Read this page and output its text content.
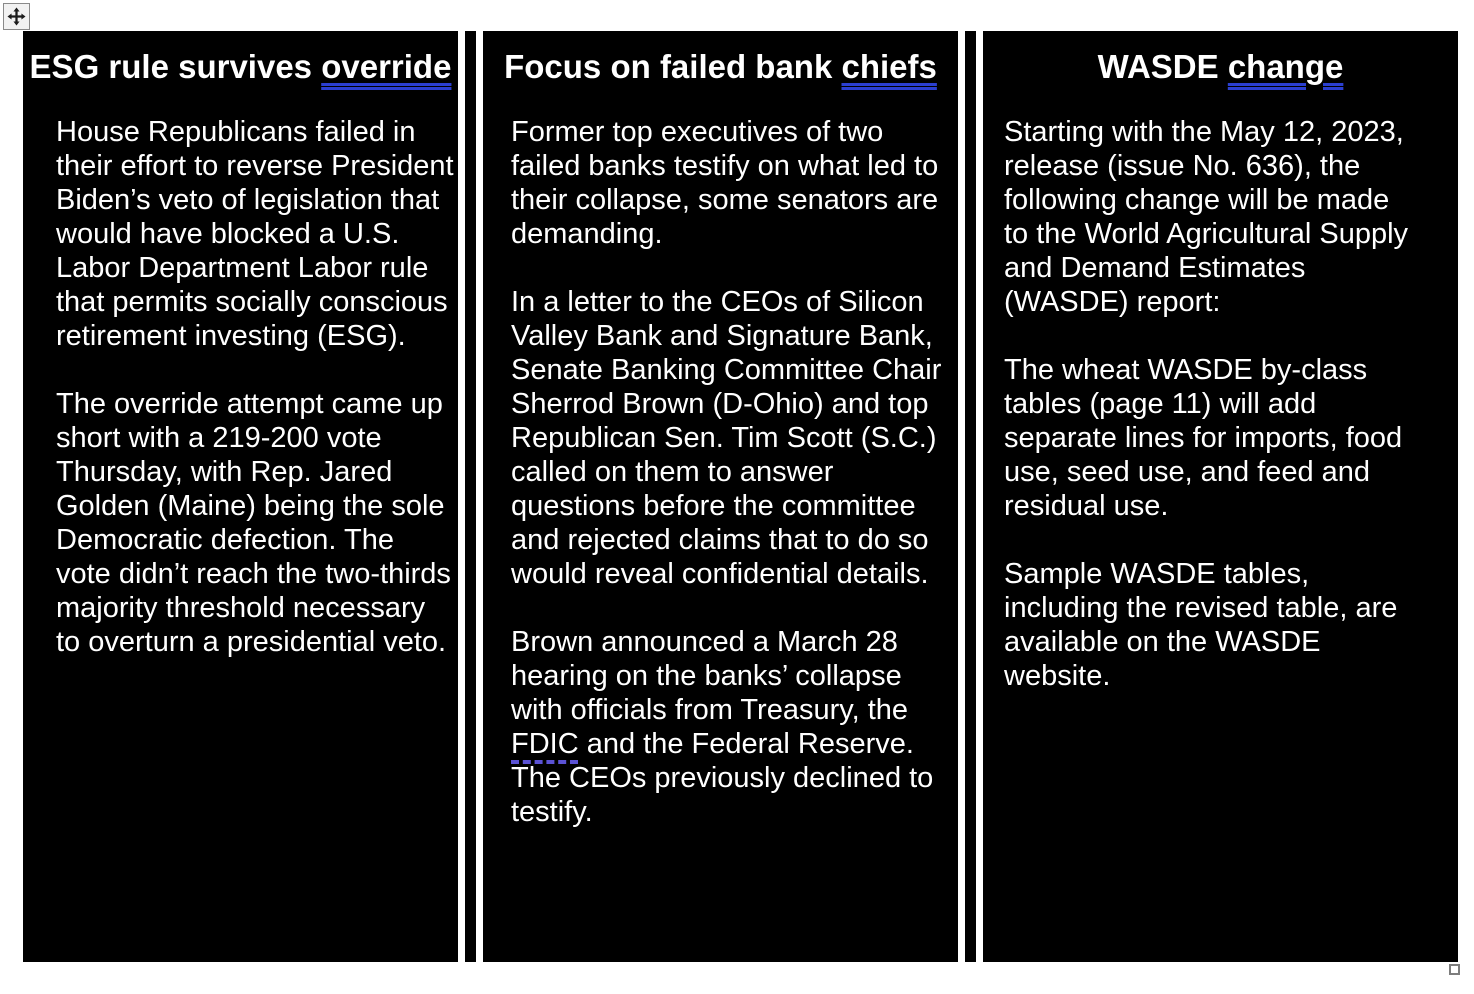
ESG rule survives override

House Republicans failed in their effort to reverse President Biden’s veto of legislation that would have blocked a U.S. Labor Department Labor rule that permits socially conscious retirement investing (ESG).

The override attempt came up short with a 219-200 vote Thursday, with Rep. Jared Golden (Maine) being the sole Democratic defection. The vote didn’t reach the two-thirds majority threshold necessary to overturn a presidential veto.

Focus on failed bank chiefs

Former top executives of two failed banks testify on what led to their collapse, some senators are demanding.

In a letter to the CEOs of Silicon Valley Bank and Signature Bank, Senate Banking Committee Chair Sherrod Brown (D-Ohio) and top Republican Sen. Tim Scott (S.C.) called on them to answer questions before the committee and rejected claims that to do so would reveal confidential details.

Brown announced a March 28 hearing on the banks’ collapse with officials from Treasury, the FDIC and the Federal Reserve. The CEOs previously declined to testify.

WASDE change

Starting with the May 12, 2023, release (issue No. 636), the following change will be made to the World Agricultural Supply and Demand Estimates (WASDE) report:

The wheat WASDE by-class tables (page 11) will add separate lines for imports, food use, seed use, and feed and residual use.

Sample WASDE tables, including the revised table, are available on the WASDE website.
